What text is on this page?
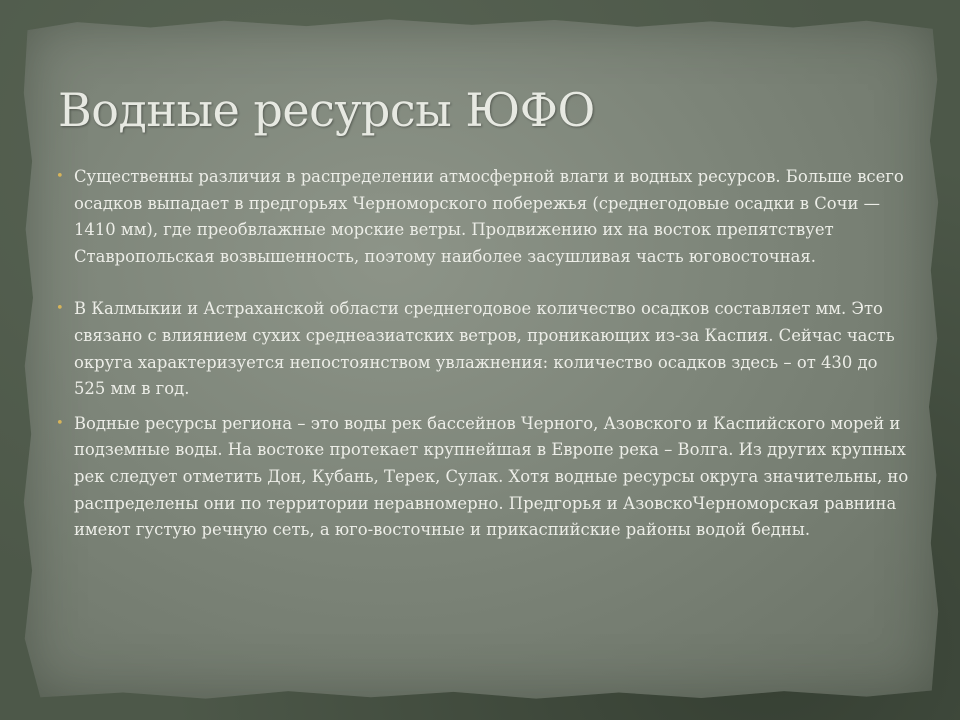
Водные ресурсы ЮФО
• Существенны различия в распределении атмосферной влаги и водных ресурсов. Больше всего осадков выпадает в предгорьях Черноморского побережья (среднегодовые осадки в Сочи — 1410 мм), где преобвлажные морские ветры. Продвижению их на восток препятствует Ставропольская возвышенность, поэтому наиболее засушливая часть юговосточная.
• В Калмыкии и Астраханской области среднегодовое количество осадков составляет мм. Это связано с влиянием сухих среднеазиатских ветров, проникающих из-за Каспия. Сейчас часть округа характеризуется непостоянством увлажнения: количество осадков здесь – от 430 до 525 мм в год.
• Водные ресурсы региона – это воды рек бассейнов Черного, Азовского и Каспийского морей и подземные воды. На востоке протекает крупнейшая в Европе река – Волга. Из других крупных рек следует отметить Дон, Кубань, Терек, Сулак. Хотя водные ресурсы округа значительны, но распределены они по территории неравномерно. Предгорья и АзовскоЧерноморская равнина имеют густую речную сеть, а юго-восточные и прикаспийские районы водой бедны.
